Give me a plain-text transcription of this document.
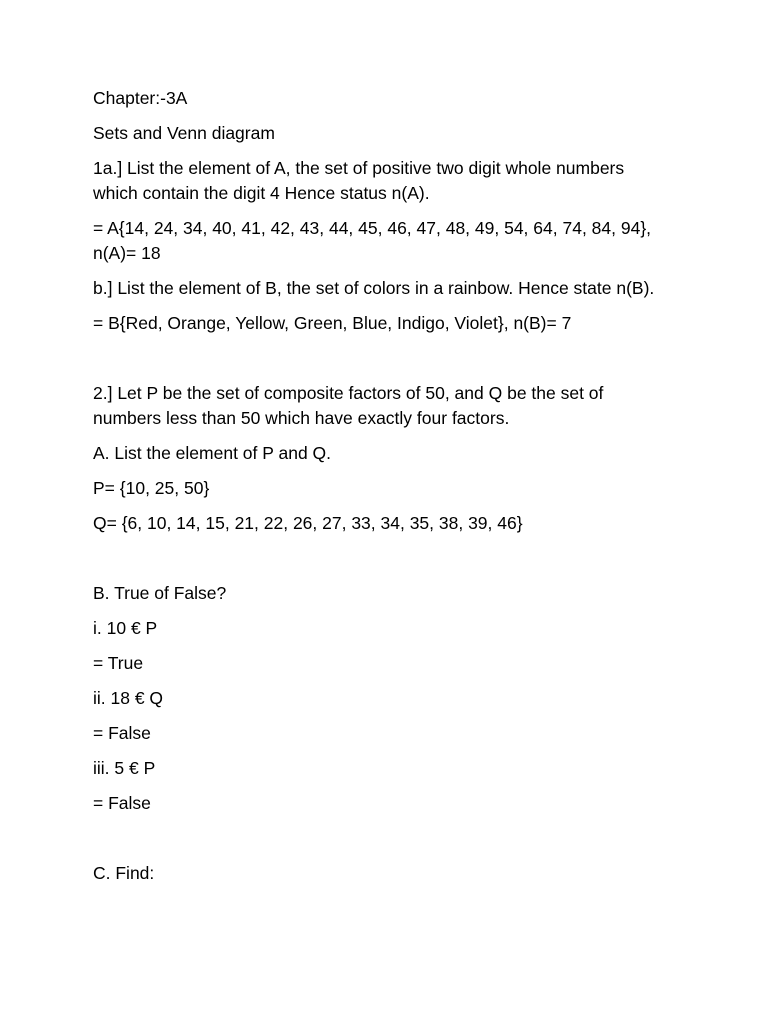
Chapter:-3A

Sets and Venn diagram

1a.] List the element of A, the set of positive two digit whole numbers which contain the digit 4 Hence status n(A).

= A{14, 24, 34, 40, 41, 42, 43, 44, 45, 46, 47, 48, 49, 54, 64, 74, 84, 94}, n(A)= 18

b.] List the element of B, the set of colors in a rainbow. Hence state n(B).

= B{Red, Orange, Yellow, Green, Blue, Indigo, Violet}, n(B)= 7

2.] Let P be the set of composite factors of 50, and Q be the set of numbers less than 50 which have exactly four factors.

A. List the element of P and Q.

P= {10, 25, 50}

Q= {6, 10, 14, 15, 21, 22, 26, 27, 33, 34, 35, 38, 39, 46}

B. True of False?

i. 10 € P

= True

ii. 18 € Q

= False

iii. 5 € P

= False

C. Find:
